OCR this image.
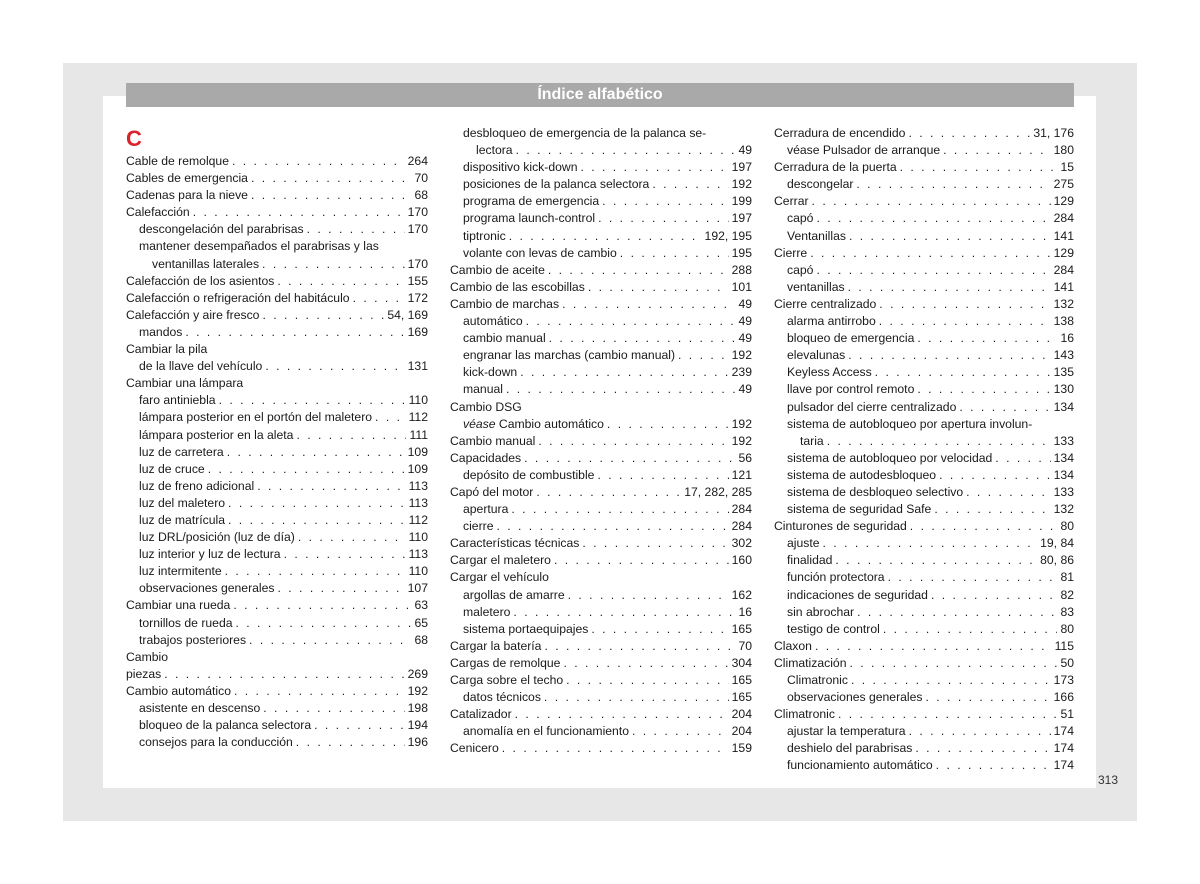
Índice alfabético
C
Cable de remolque . . .	264
Cables de emergencia . . .	70
Cadenas para la nieve . . .	68
Calefacción . . .	170
descongelación del parabrisas . . .	170
mantener desempañados el parabrisas y las
ventanillas laterales . . .	170
Calefacción de los asientos . . .	155
Calefacción o refrigeración del habitáculo . . .	172
Calefacción y aire fresco . . .	54, 169
mandos . . .	169
Cambiar la pila
de la llave del vehículo . . .	131
Cambiar una lámpara
faro antiniebla . . .	110
lámpara posterior en el portón del maletero . . .	112
lámpara posterior en la aleta . . .	111
luz de carretera . . .	109
luz de cruce . . .	109
luz de freno adicional . . .	113
luz del maletero . . .	113
luz de matrícula . . .	112
luz DRL/posición (luz de día) . . .	110
luz interior y luz de lectura . . .	113
luz intermitente . . .	110
observaciones generales . . .	107
Cambiar una rueda . . .	63
tornillos de rueda . . .	65
trabajos posteriores . . .	68
Cambio
piezas . . .	269
Cambio automático . . .	192
asistente en descenso . . .	198
bloqueo de la palanca selectora . . .	194
consejos para la conducción . . .	196
desbloqueo de emergencia de la palanca se-
lectora . . .	49
dispositivo kick-down . . .	197
posiciones de la palanca selectora . . .	192
programa de emergencia . . .	199
programa launch-control . . .	197
tiptronic . . .	192, 195
volante con levas de cambio . . .	195
Cambio de aceite . . .	288
Cambio de las escobillas . . .	101
Cambio de marchas . . .	49
automático . . .	49
cambio manual . . .	49
engranar las marchas (cambio manual) . . .	192
kick-down . . .	239
manual . . .	49
Cambio DSG
véase
Cambio automático . . .	192
Cambio manual . . .	192
Capacidades . . .	56
depósito de combustible . . .	121
Capó del motor . . .	17, 282, 285
apertura . . .	284
cierre . . .	284
Características técnicas . . .	302
Cargar el maletero . . .	160
Cargar el vehículo
argollas de amarre . . .	162
maletero . . .	16
sistema portaequipajes . . .	165
Cargar la batería . . .	70
Cargas de remolque . . .	304
Carga sobre el techo . . .	165
datos técnicos . . .	165
Catalizador . . .	204
anomalía en el funcionamiento . . .	204
Cenicero . . .	159
Cerradura de encendido . . .	31, 176
véase Pulsador de arranque . . .	180
Cerradura de la puerta . . .	15
descongelar . . .	275
Cerrar . . .	129
capó . . .	284
Ventanillas . . .	141
Cierre . . .	129
capó . . .	284
ventanillas . . .	141
Cierre centralizado . . .	132
alarma antirrobo . . .	138
bloqueo de emergencia . . .	16
elevalunas . . .	143
Keyless Access . . .	135
llave por control remoto . . .	130
pulsador del cierre centralizado . . .	134
sistema de autobloqueo por apertura involun-
taria . . .	133
sistema de autobloqueo por velocidad . . .	134
sistema de autodesbloqueo . . .	134
sistema de desbloqueo selectivo . . .	133
sistema de seguridad Safe . . .	132
Cinturones de seguridad . . .	80
ajuste . . .	19, 84
finalidad . . .	80, 86
función protectora . . .	81
indicaciones de seguridad . . .	82
sin abrochar . . .	83
testigo de control . . .	80
Claxon . . .	115
Climatización . . .	50
Climatronic . . .	173
observaciones generales . . .	166
Climatronic . . .	51
ajustar la temperatura . . .	174
deshielo del parabrisas . . .	174
funcionamiento automático . . .	174
313
